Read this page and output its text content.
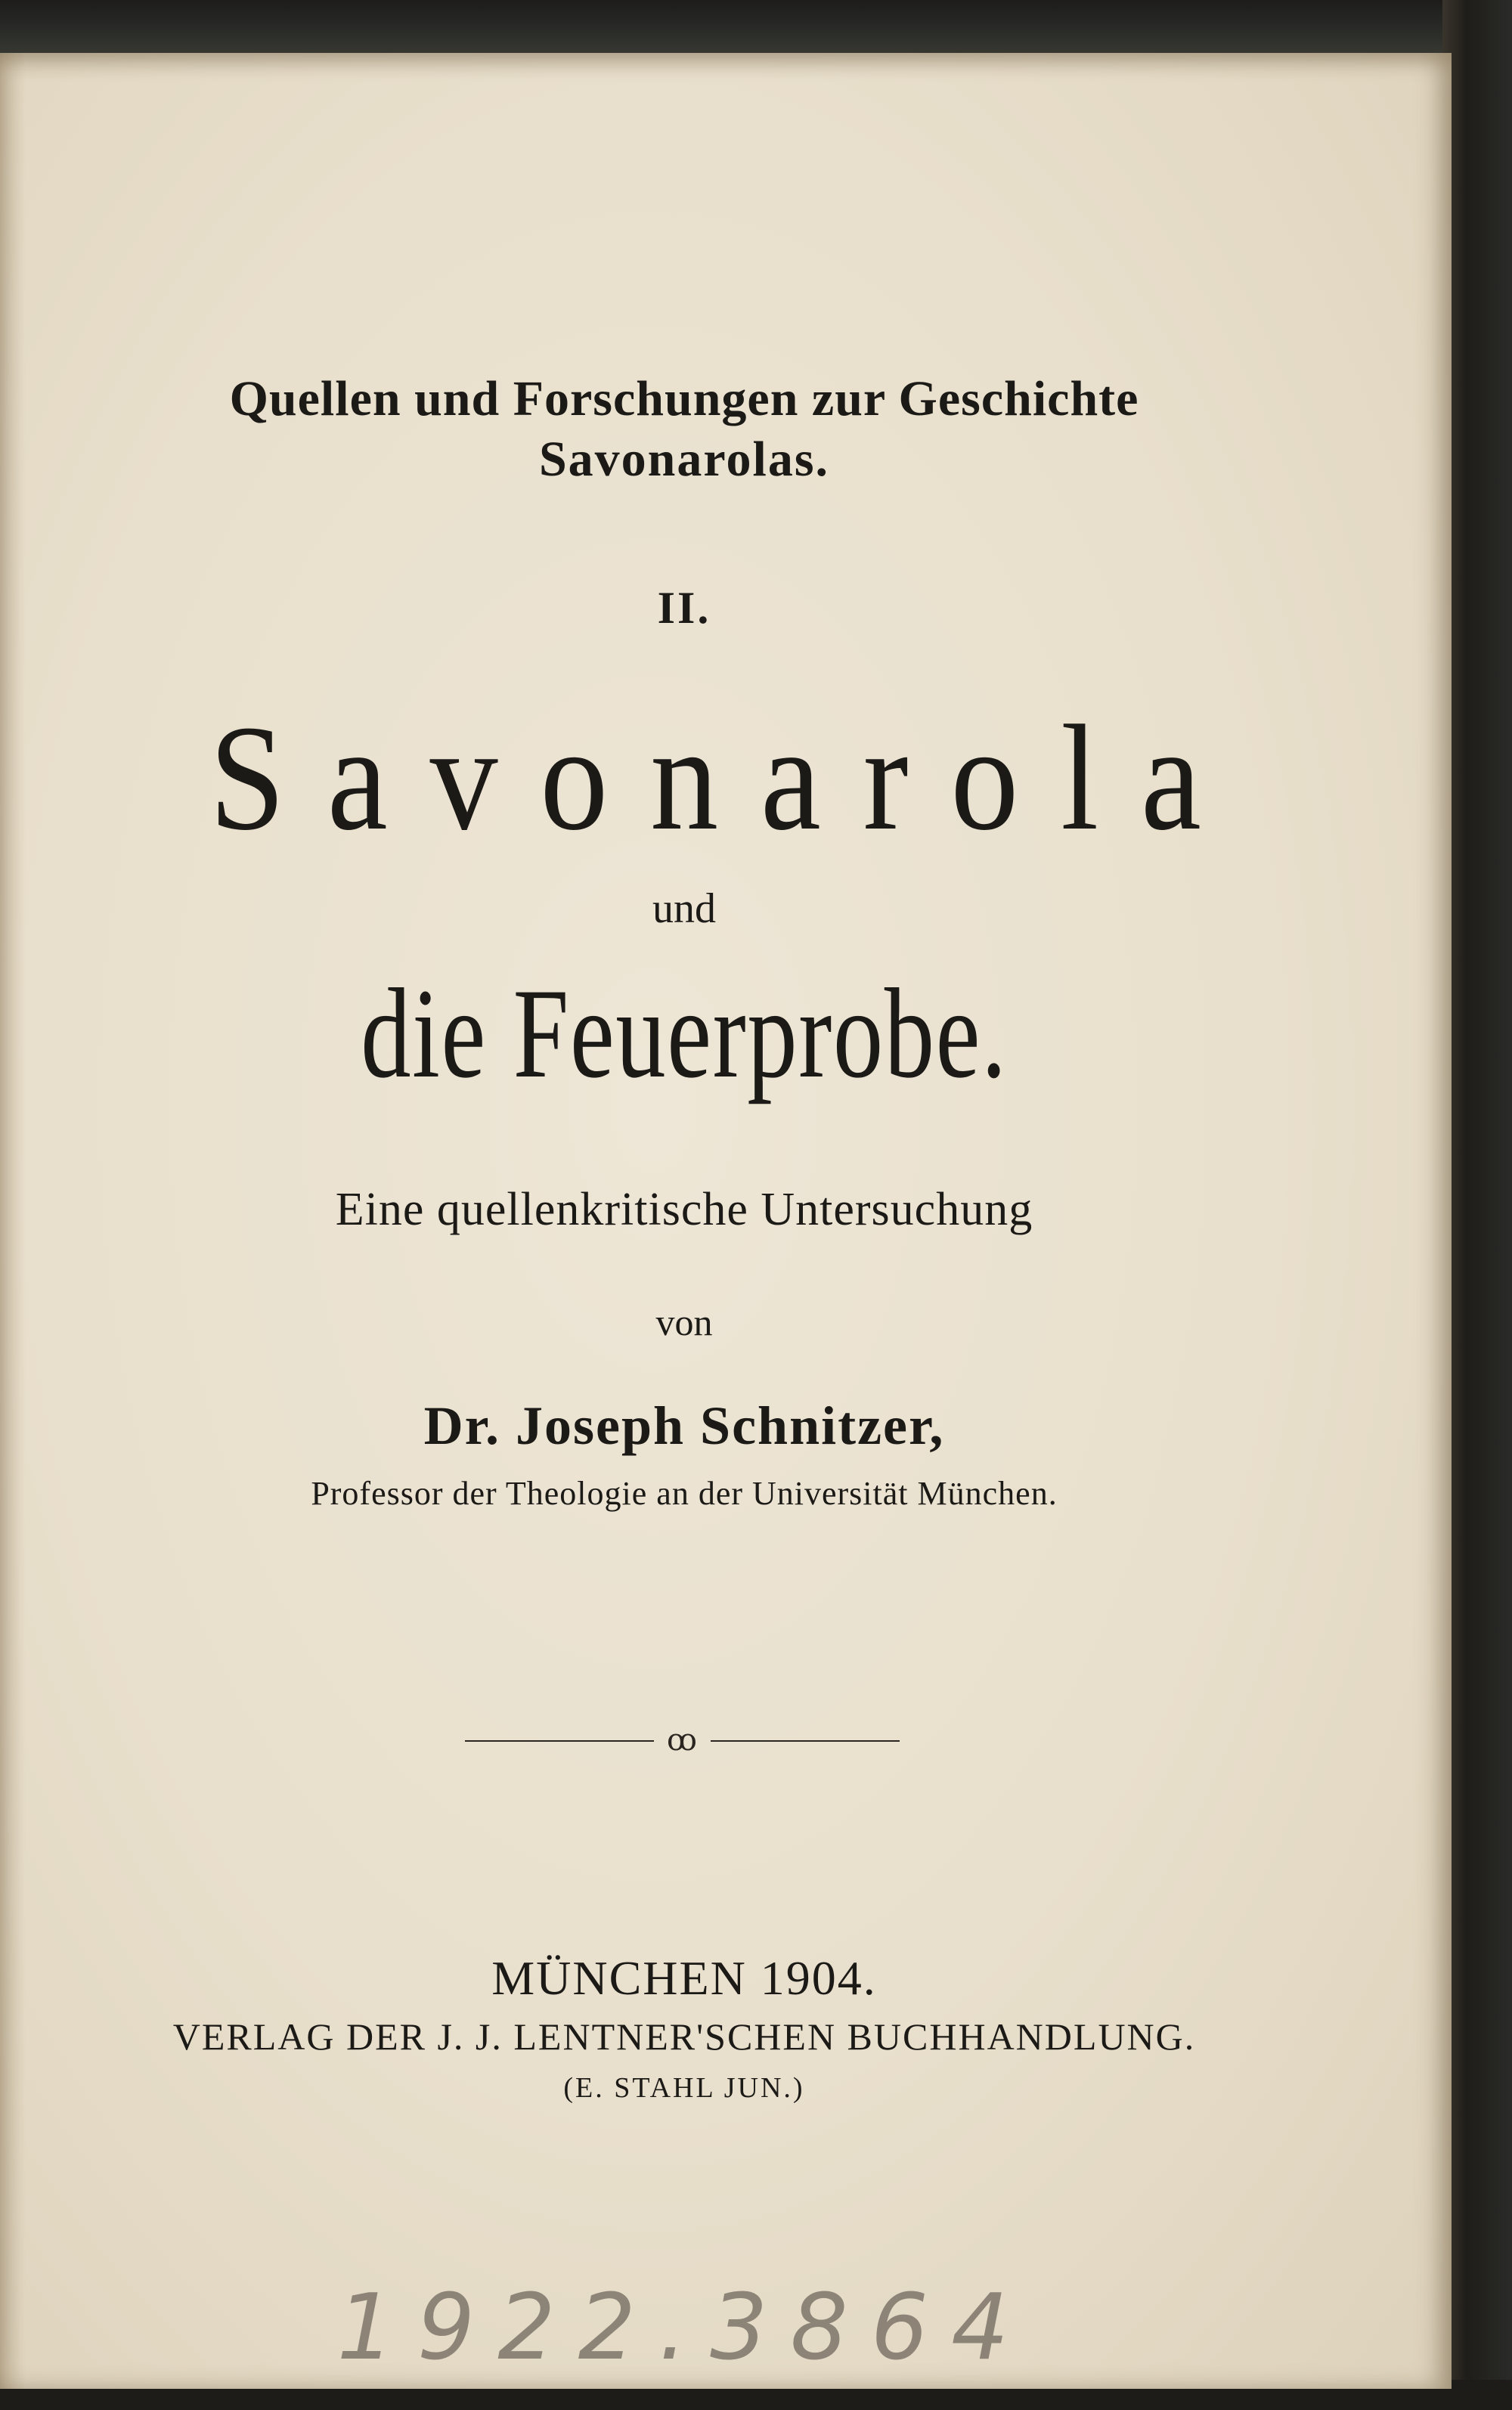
Quellen und Forschungen zur Geschichte

Savonarolas.

II.

Savonarola

und

die Feuerprobe.

Eine quellenkritische Untersuchung

von

Dr. Joseph Schnitzer,

Professor der Theologie an der Universität München.

ꝏ

MÜNCHEN 1904.

VERLAG DER J. J. LENTNER'SCHEN BUCHHANDLUNG.

(E. STAHL JUN.)

1922.3864
